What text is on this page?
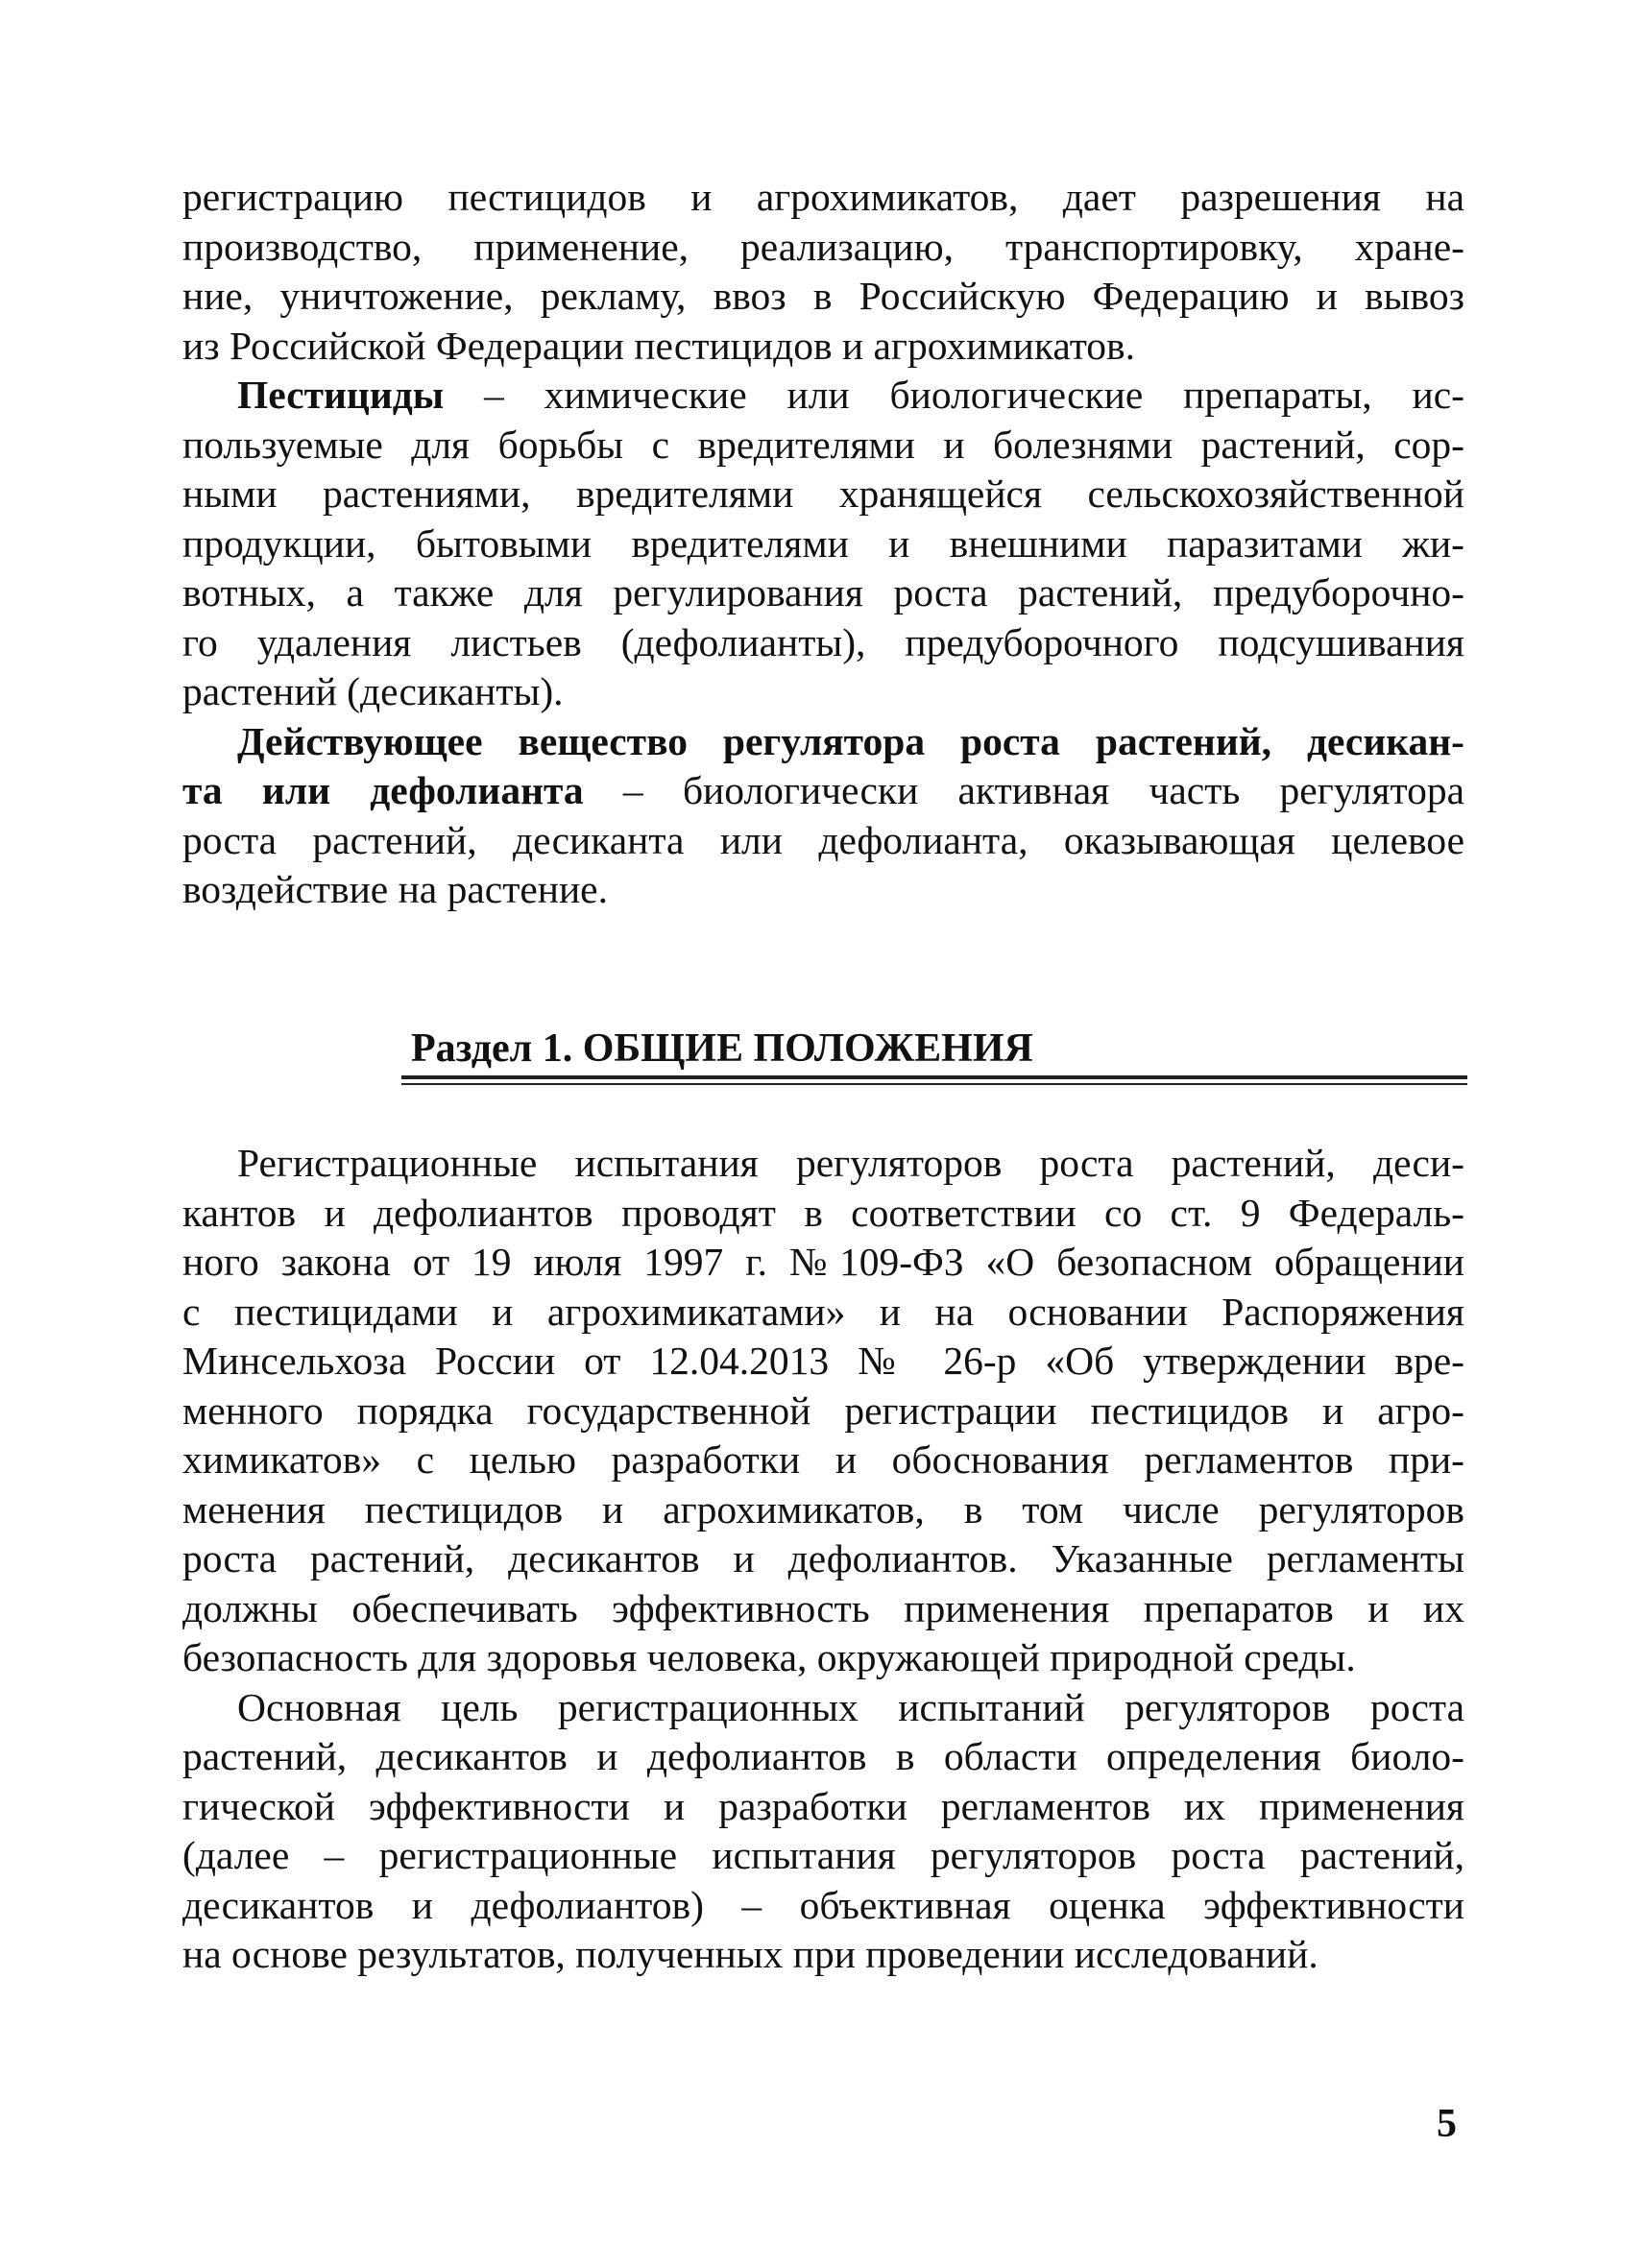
регистрацию пестицидов и агрохимикатов, дает разрешения на
производство, применение, реализацию, транспортировку, хране-
ние, уничтожение, рекламу, ввоз в Российскую Федерацию и вывоз
из Российской Федерации пестицидов и агрохимикатов.

Пестициды – химические или биологические препараты, ис-
пользуемые для борьбы с вредителями и болезнями растений, сор-
ными растениями, вредителями хранящейся сельскохозяйственной
продукции, бытовыми вредителями и внешними паразитами жи-
вотных, а также для регулирования роста растений, предуборочно-
го удаления листьев (дефолианты), предуборочного подсушивания
растений (десиканты).

Действующее вещество регулятора роста растений, десикан-
та или дефолианта – биологически активная часть регулятора
роста растений, десиканта или дефолианта, оказывающая целевое
воздействие на растение.

Раздел 1. ОБЩИЕ ПОЛОЖЕНИЯ

Регистрационные испытания регуляторов роста растений, деси-
кантов и дефолиантов проводят в соответствии со ст. 9 Федераль-
ного закона от 19 июля 1997 г. №109-ФЗ «О безопасном обращении
с пестицидами и агрохимикатами» и на основании Распоряжения
Минсельхоза России от 12.04.2013 № 26-р «Об утверждении вре-
менного порядка государственной регистрации пестицидов и агро-
химикатов» с целью разработки и обоснования регламентов при-
менения пестицидов и агрохимикатов, в том числе регуляторов
роста растений, десикантов и дефолиантов. Указанные регламенты
должны обеспечивать эффективность применения препаратов и их
безопасность для здоровья человека, окружающей природной среды.

Основная цель регистрационных испытаний регуляторов роста
растений, десикантов и дефолиантов в области определения биоло-
гической эффективности и разработки регламентов их применения
(далее – регистрационные испытания регуляторов роста растений,
десикантов и дефолиантов) – объективная оценка эффективности
на основе результатов, полученных при проведении исследований.

5
